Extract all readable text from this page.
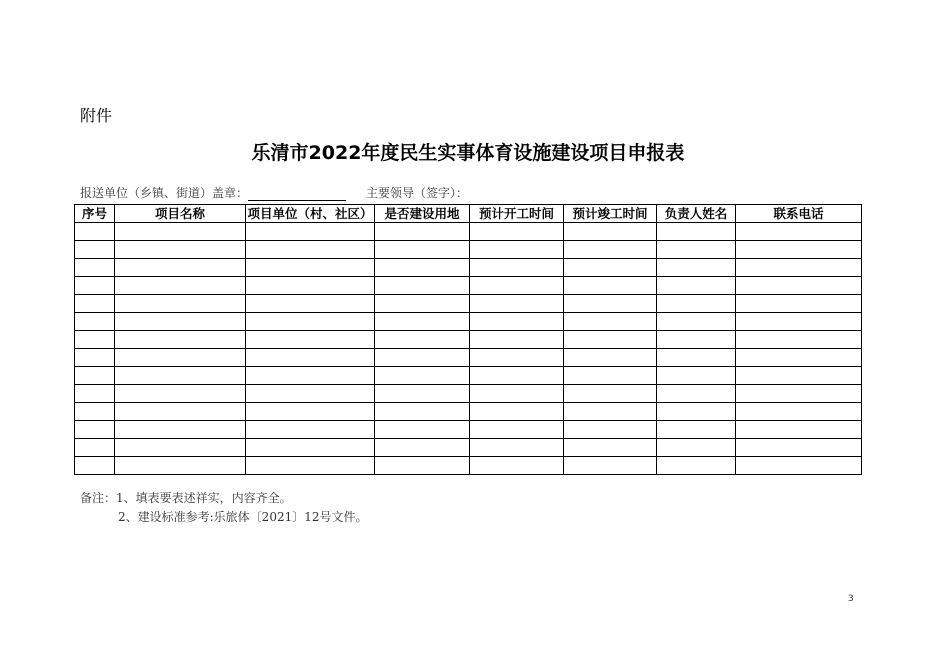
附件
乐清市2022年度民生实事体育设施建设项目申报表
报送单位（乡镇、街道）盖章：	主要领导（签字）：
序号	项目名称	项目单位（村、社区）	是否建设用地	预计开工时间	预计竣工时间	负责人姓名	联系电话

备注：1、填表要表述祥实，内容齐全。
2、建设标准参考:乐旅体〔2021〕12号文件。
3
